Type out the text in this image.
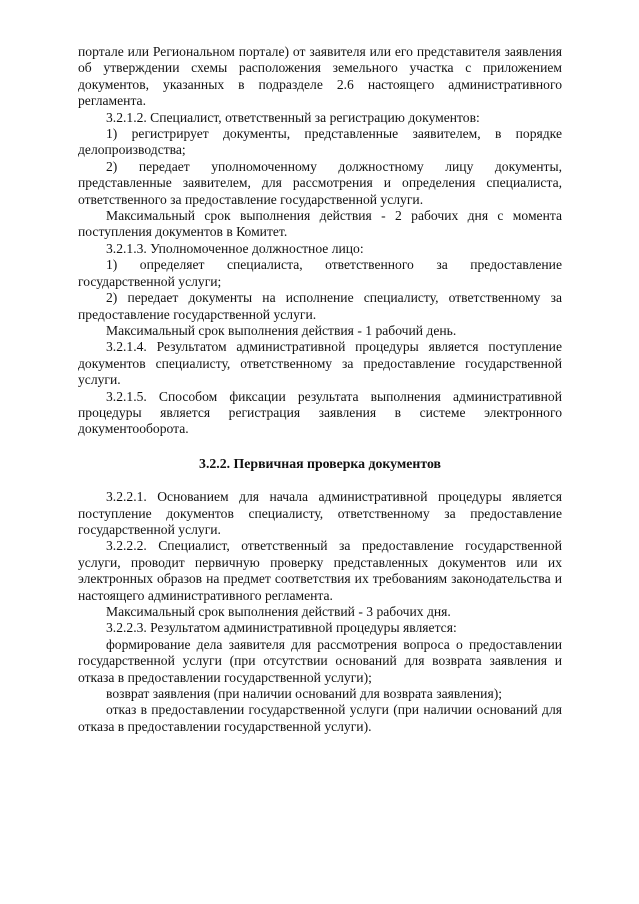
порталe или Региональном портале) от заявителя или его представителя заявления об утверждении схемы расположения земельного участка с приложением документов, указанных в подразделе 2.6 настоящего административного регламента.

3.2.1.2. Специалист, ответственный за регистрацию документов:

1) регистрирует документы, представленные заявителем, в порядке делопроизводства;

2) передает уполномоченному должностному лицу документы, представленные заявителем, для рассмотрения и определения специалиста, ответственного за предоставление государственной услуги.

Максимальный срок выполнения действия - 2 рабочих дня с момента поступления документов в Комитет.

3.2.1.3. Уполномоченное должностное лицо:

1) определяет специалиста, ответственного за предоставление государственной услуги;

2) передает документы на исполнение специалисту, ответственному за предоставление государственной услуги.

Максимальный срок выполнения действия - 1 рабочий день.

3.2.1.4. Результатом административной процедуры является поступление документов специалисту, ответственному за предоставление государственной услуги.

3.2.1.5. Способом фиксации результата выполнения административной процедуры является регистрация заявления в системе электронного документооборота.

3.2.2. Первичная проверка документов

3.2.2.1. Основанием для начала административной процедуры является поступление документов специалисту, ответственному за предоставление государственной услуги.

3.2.2.2. Специалист, ответственный за предоставление государственной услуги, проводит первичную проверку представленных документов или их электронных образов на предмет соответствия их требованиям законодательства и настоящего административного регламента.

Максимальный срок выполнения действий - 3 рабочих дня.

3.2.2.3. Результатом административной процедуры является:

формирование дела заявителя для рассмотрения вопроса о предоставлении государственной услуги (при отсутствии оснований для возврата заявления и отказа в предоставлении государственной услуги);

возврат заявления (при наличии оснований для возврата заявления);

отказ в предоставлении государственной услуги (при наличии оснований для отказа в предоставлении государственной услуги).
